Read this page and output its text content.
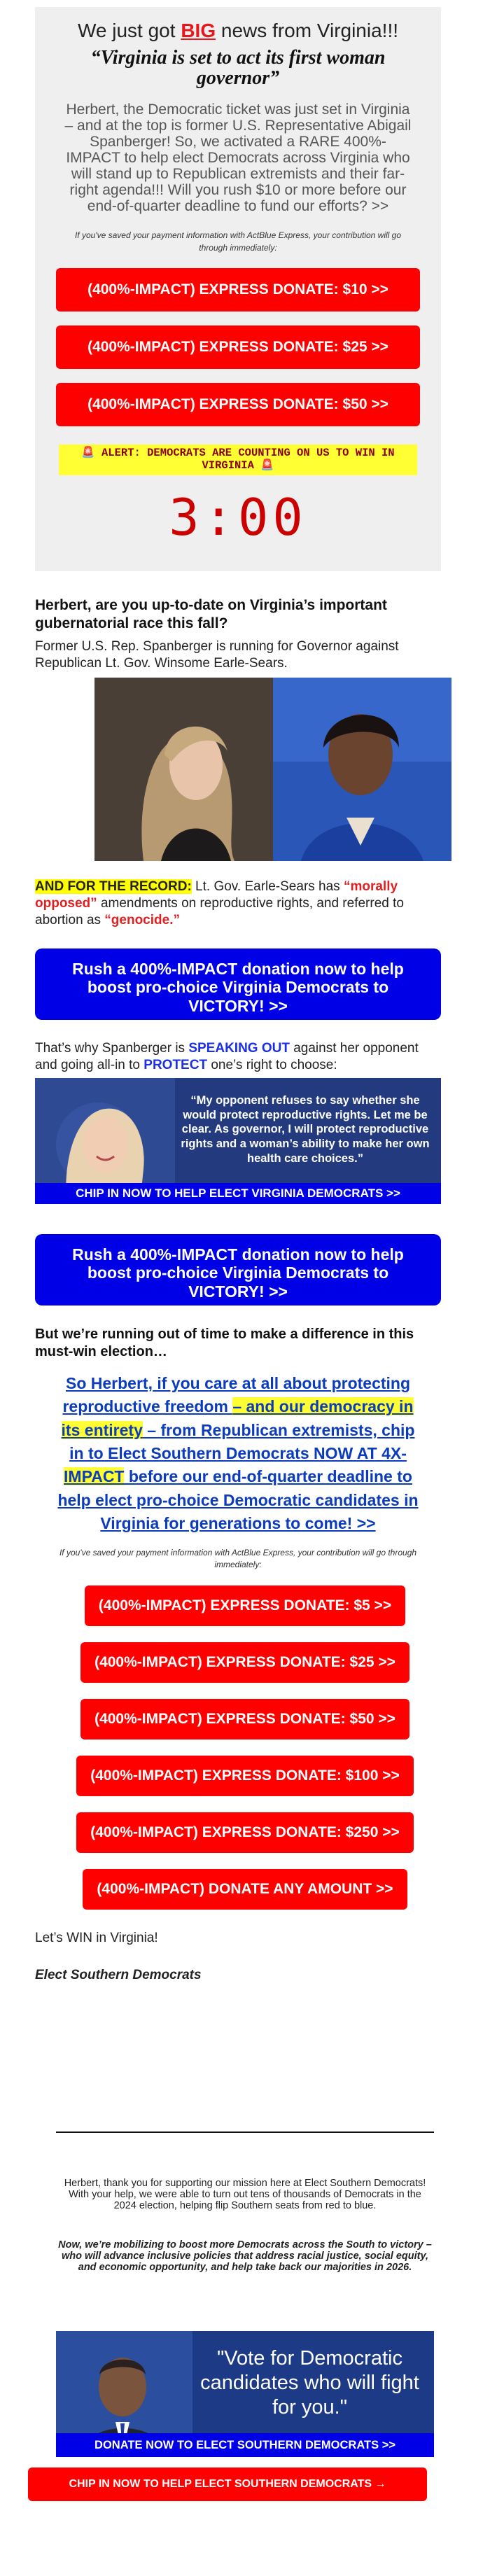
We just got BIG news from Virginia!!!
“Virginia is set to act its first woman governor”

Herbert, the Democratic ticket was just set in Virginia – and at the top is former U.S. Representative Abigail Spanberger! So, we activated a RARE 400%-IMPACT to help elect Democrats across Virginia who will stand up to Republican extremists and their far-right agenda!!! Will you rush $10 or more before our end-of-quarter deadline to fund our efforts? >>

If you've saved your payment information with ActBlue Express, your contribution will go through immediately:

(400%-IMPACT) EXPRESS DONATE: $10 >>
(400%-IMPACT) EXPRESS DONATE: $25 >>
(400%-IMPACT) EXPRESS DONATE: $50 >>
🚨 ALERT: DEMOCRATS ARE COUNTING ON US TO WIN IN VIRGINIA 🚨
3:00

Herbert, are you up-to-date on Virginia’s important gubernatorial race this fall?

Former U.S. Rep. Spanberger is running for Governor against Republican Lt. Gov. Winsome Earle-Sears.

AND FOR THE RECORD: Lt. Gov. Earle-Sears has “morally opposed” amendments on reproductive rights, and referred to abortion as “genocide.”

Rush a 400%-IMPACT donation now to help boost pro-choice Virginia Democrats to VICTORY! >>

That’s why Spanberger is SPEAKING OUT against her opponent and going all-in to PROTECT one’s right to choose:

“My opponent refuses to say whether she would protect reproductive rights. Let me be clear. As governor, I will protect reproductive rights and a woman’s ability to make her own health care choices.”
CHIP IN NOW TO HELP ELECT VIRGINIA DEMOCRATS >>
Rush a 400%-IMPACT donation now to help boost pro-choice Virginia Democrats to VICTORY! >>

But we’re running out of time to make a difference in this must-win election…

So Herbert, if you care at all about protecting reproductive freedom – and our democracy in its entirety – from Republican extremists, chip in to Elect Southern Democrats NOW AT 4X-IMPACT before our end-of-quarter deadline to help elect pro-choice Democratic candidates in Virginia for generations to come! >>

If you've saved your payment information with ActBlue Express, your contribution will go through immediately:

(400%-IMPACT) EXPRESS DONATE: $5 >>
(400%-IMPACT) EXPRESS DONATE: $25 >>
(400%-IMPACT) EXPRESS DONATE: $50 >>
(400%-IMPACT) EXPRESS DONATE: $100 >>
(400%-IMPACT) EXPRESS DONATE: $250 >>
(400%-IMPACT) DONATE ANY AMOUNT >>

Let’s WIN in Virginia!

Elect Southern Democrats

Herbert, thank you for supporting our mission here at Elect Southern Democrats! With your help, we were able to turn out tens of thousands of Democrats in the 2024 election, helping flip Southern seats from red to blue.

Now, we’re mobilizing to boost more Democrats across the South to victory – who will advance inclusive policies that address racial justice, social equity, and economic opportunity, and help take back our majorities in 2026.

"Vote for Democratic candidates who will fight for you."
DONATE NOW TO ELECT SOUTHERN DEMOCRATS >>
CHIP IN NOW TO HELP ELECT SOUTHERN DEMOCRATS →
